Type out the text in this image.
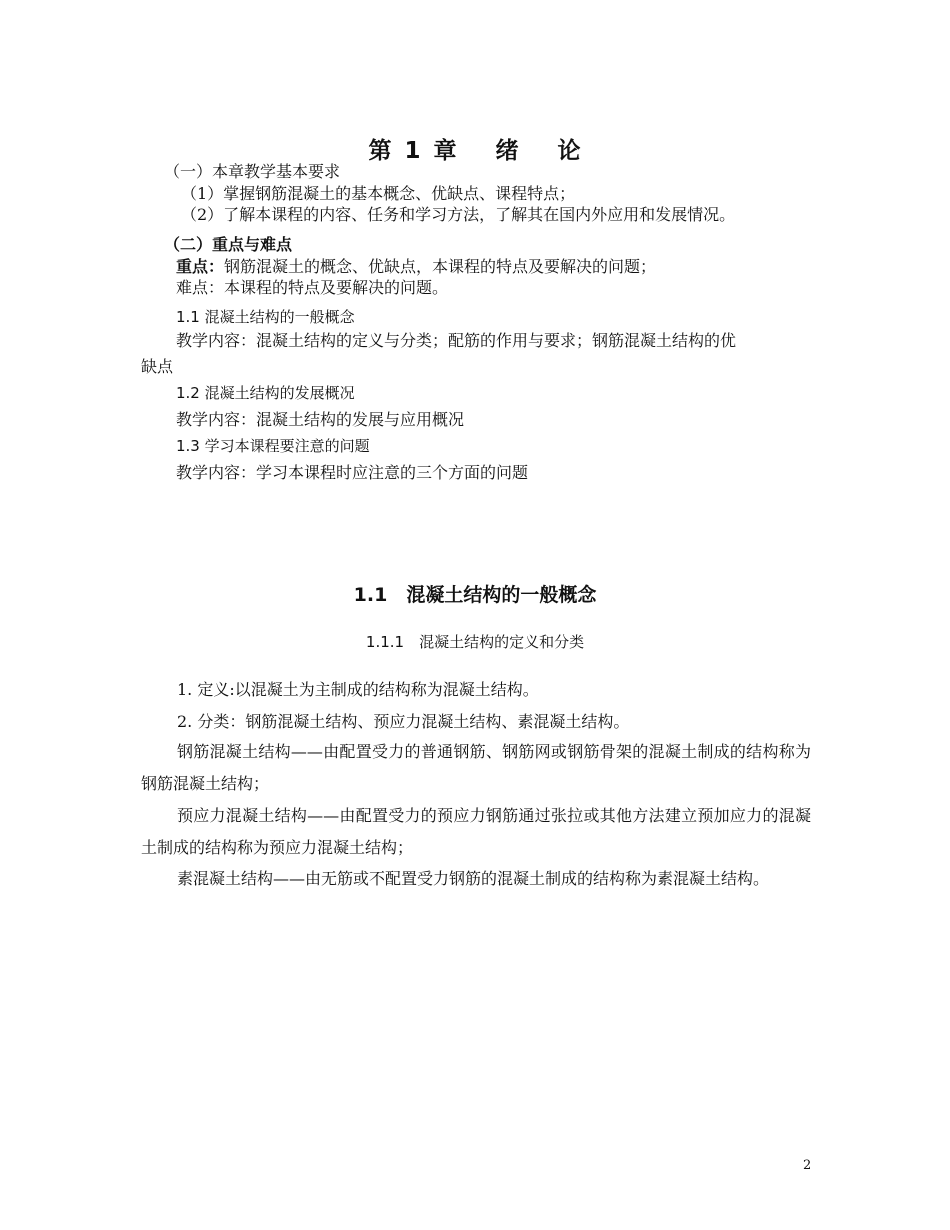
第 1 章 绪 论
（一）本章教学基本要求
（1）掌握钢筋混凝土的基本概念、优缺点、课程特点；
（2）了解本课程的内容、任务和学习方法，了解其在国内外应用和发展情况。
（二）重点与难点
重点：钢筋混凝土的概念、优缺点，本课程的特点及要解决的问题；
难点：本课程的特点及要解决的问题。
1.1 混凝土结构的一般概念
教学内容：混凝土结构的定义与分类；配筋的作用与要求；钢筋混凝土结构的优
缺点
1.2 混凝土结构的发展概况
教学内容：混凝土结构的发展与应用概况
1.3 学习本课程要注意的问题
教学内容：学习本课程时应注意的三个方面的问题
1.1　混凝土结构的一般概念
1.1.1　混凝土结构的定义和分类
1. 定义:以混凝土为主制成的结构称为混凝土结构。
2. 分类：钢筋混凝土结构、预应力混凝土结构、素混凝土结构。
钢筋混凝土结构——由配置受力的普通钢筋、钢筋网或钢筋骨架的混凝土制成的结构称为钢筋混凝土结构；
预应力混凝土结构——由配置受力的预应力钢筋通过张拉或其他方法建立预加应力的混凝土制成的结构称为预应力混凝土结构；
素混凝土结构——由无筋或不配置受力钢筋的混凝土制成的结构称为素混凝土结构。
2
